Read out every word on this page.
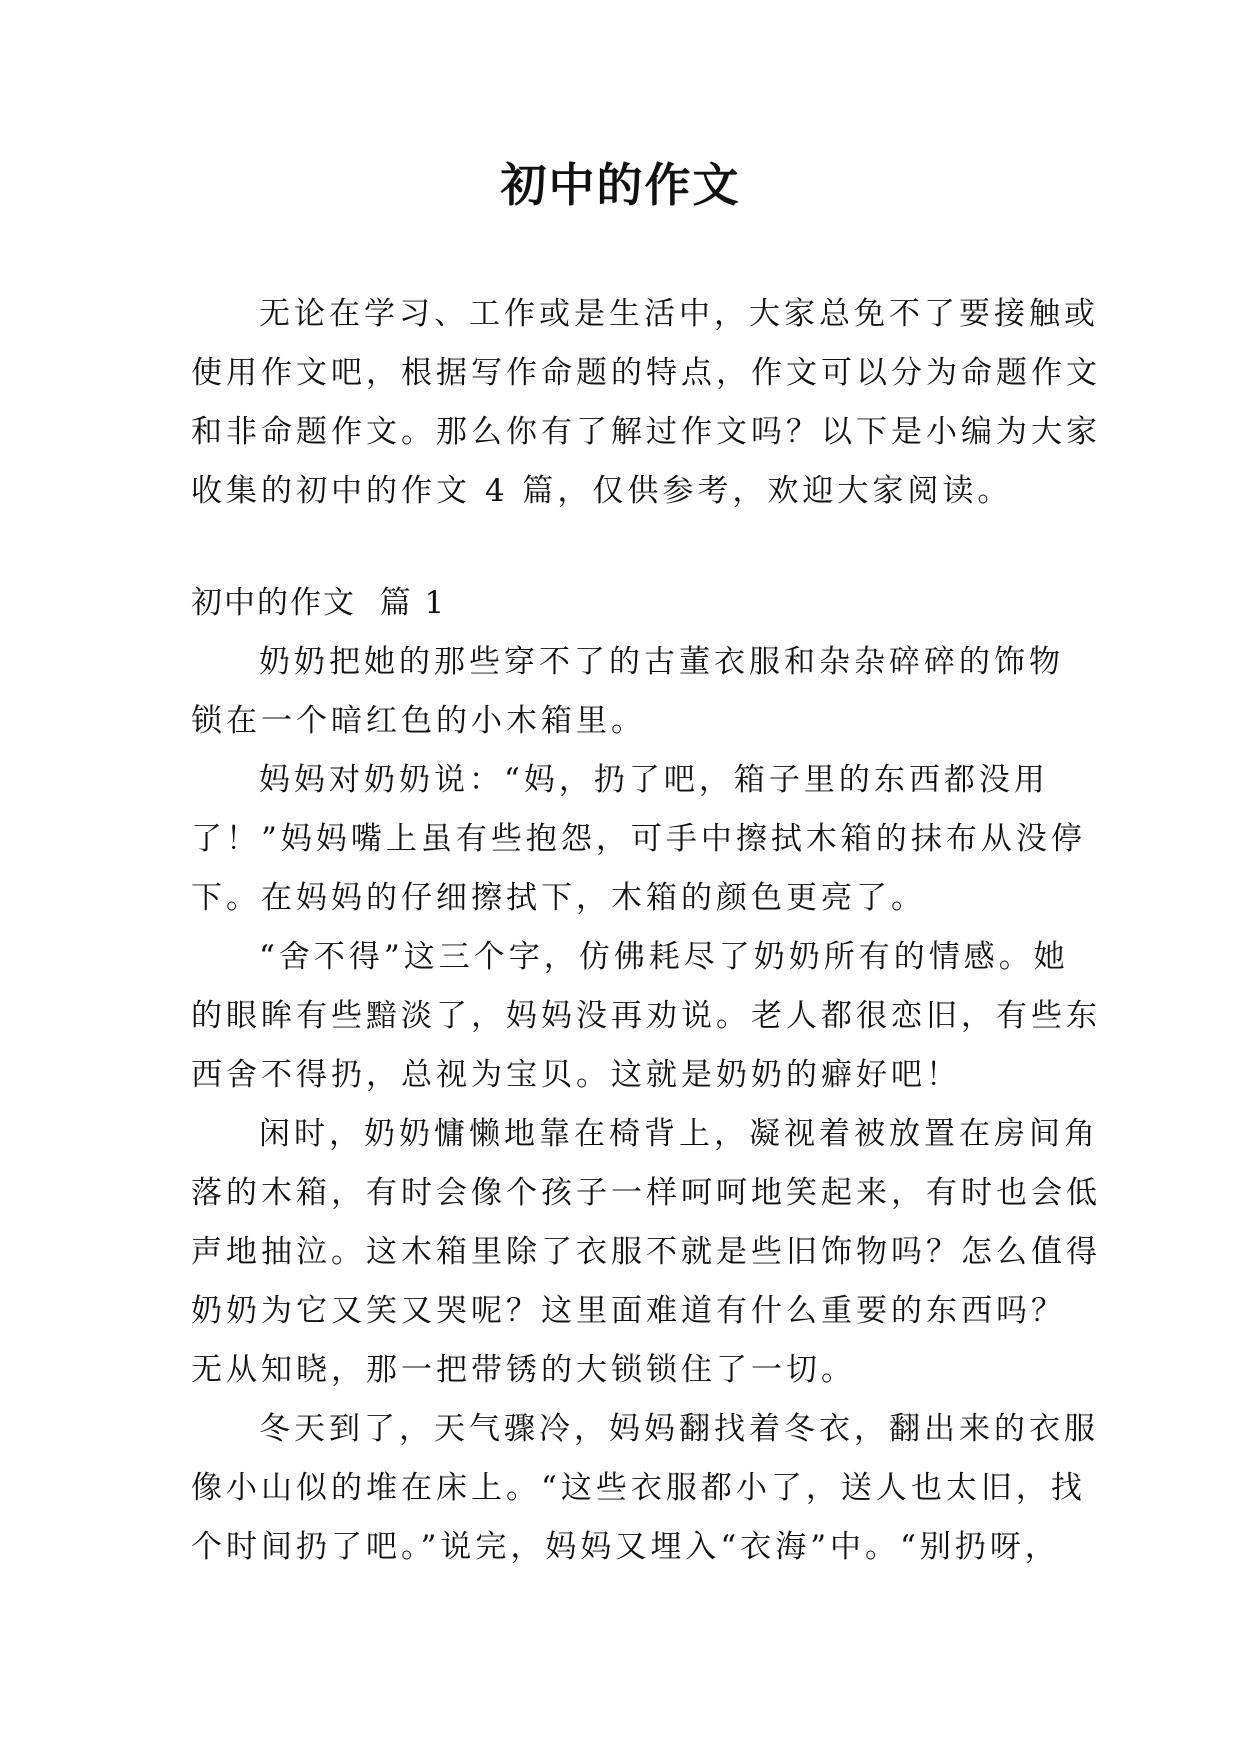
初中的作文

无论在学习、工作或是生活中，大家总免不了要接触或
使用作文吧，根据写作命题的特点，作文可以分为命题作文
和非命题作文。那么你有了解过作文吗？以下是小编为大家
收集的初中的作文 4 篇，仅供参考，欢迎大家阅读。

初中的作文  篇 1

奶奶把她的那些穿不了的古董衣服和杂杂碎碎的饰物
锁在一个暗红色的小木箱里。

妈妈对奶奶说：“妈，扔了吧，箱子里的东西都没用
了！”妈妈嘴上虽有些抱怨，可手中擦拭木箱的抹布从没停
下。在妈妈的仔细擦拭下，木箱的颜色更亮了。

“舍不得”这三个字，仿佛耗尽了奶奶所有的情感。她
的眼眸有些黯淡了，妈妈没再劝说。老人都很恋旧，有些东
西舍不得扔，总视为宝贝。这就是奶奶的癖好吧！

闲时，奶奶慵懒地靠在椅背上，凝视着被放置在房间角
落的木箱，有时会像个孩子一样呵呵地笑起来，有时也会低
声地抽泣。这木箱里除了衣服不就是些旧饰物吗？怎么值得
奶奶为它又笑又哭呢？这里面难道有什么重要的东西吗？
无从知晓，那一把带锈的大锁锁住了一切。

冬天到了，天气骤冷，妈妈翻找着冬衣，翻出来的衣服
像小山似的堆在床上。“这些衣服都小了，送人也太旧，找
个时间扔了吧。”说完，妈妈又埋入“衣海”中。“别扔呀，
